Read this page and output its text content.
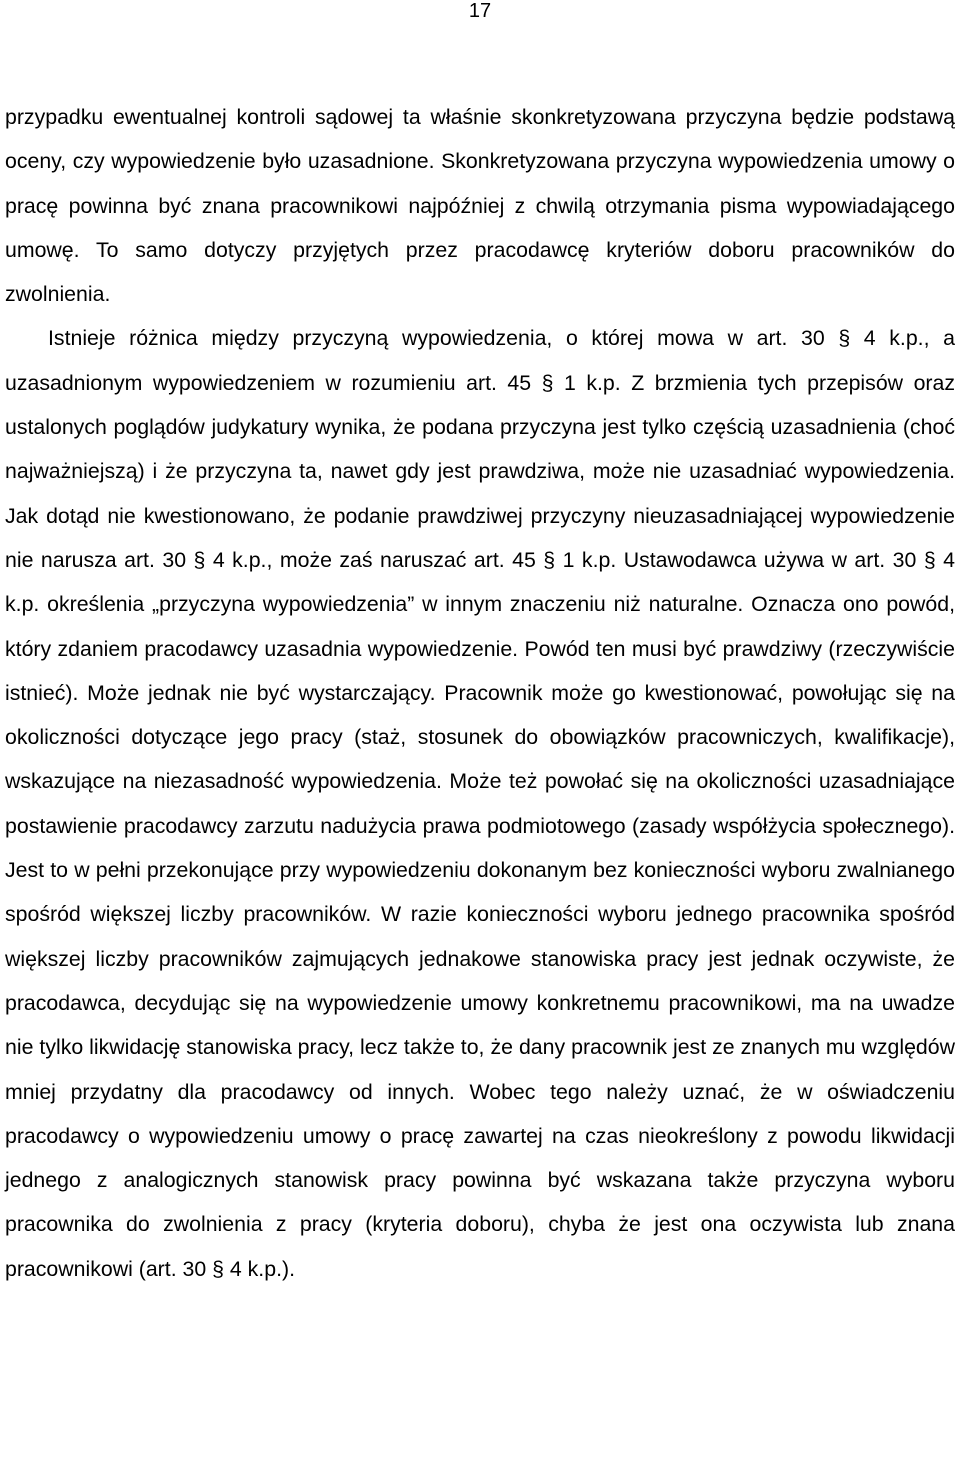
17

przypadku ewentualnej kontroli sądowej ta właśnie skonkretyzowana przyczyna będzie podstawą oceny, czy wypowiedzenie było uzasadnione. Skonkretyzowana przyczyna wypowiedzenia umowy o pracę powinna być znana pracownikowi najpóźniej z chwilą otrzymania pisma wypowiadającego umowę. To samo dotyczy przyjętych przez pracodawcę kryteriów doboru pracowników do zwolnienia.

Istnieje różnica między przyczyną wypowiedzenia, o której mowa w art. 30 § 4 k.p., a uzasadnionym wypowiedzeniem w rozumieniu art. 45 § 1 k.p. Z brzmienia tych przepisów oraz ustalonych poglądów judykatury wynika, że podana przyczyna jest tylko częścią uzasadnienia (choć najważniejszą) i że przyczyna ta, nawet gdy jest prawdziwa, może nie uzasadniać wypowiedzenia. Jak dotąd nie kwestionowano, że podanie prawdziwej przyczyny nieuzasadniającej wypowiedzenie nie narusza art. 30 § 4 k.p., może zaś naruszać art. 45 § 1 k.p. Ustawodawca używa w art. 30 § 4 k.p. określenia „przyczyna wypowiedzenia” w innym znaczeniu niż naturalne. Oznacza ono powód, który zdaniem pracodawcy uzasadnia wypowiedzenie. Powód ten musi być prawdziwy (rzeczywiście istnieć). Może jednak nie być wystarczający. Pracownik może go kwestionować, powołując się na okoliczności dotyczące jego pracy (staż, stosunek do obowiązków pracowniczych, kwalifikacje), wskazujące na niezasadność wypowiedzenia. Może też powołać się na okoliczności uzasadniające postawienie pracodawcy zarzutu nadużycia prawa podmiotowego (zasady współżycia społecznego). Jest to w pełni przekonujące przy wypowiedzeniu dokonanym bez konieczności wyboru zwalnianego spośród większej liczby pracowników. W razie konieczności wyboru jednego pracownika spośród większej liczby pracowników zajmujących jednakowe stanowiska pracy jest jednak oczywiste, że pracodawca, decydując się na wypowiedzenie umowy konkretnemu pracownikowi, ma na uwadze nie tylko likwidację stanowiska pracy, lecz także to, że dany pracownik jest ze znanych mu względów mniej przydatny dla pracodawcy od innych. Wobec tego należy uznać, że w oświadczeniu pracodawcy o wypowiedzeniu umowy o pracę zawartej na czas nieokreślony z powodu likwidacji jednego z analogicznych stanowisk pracy powinna być wskazana także przyczyna wyboru pracownika do zwolnienia z pracy (kryteria doboru), chyba że jest ona oczywista lub znana pracownikowi (art. 30 § 4 k.p.).
